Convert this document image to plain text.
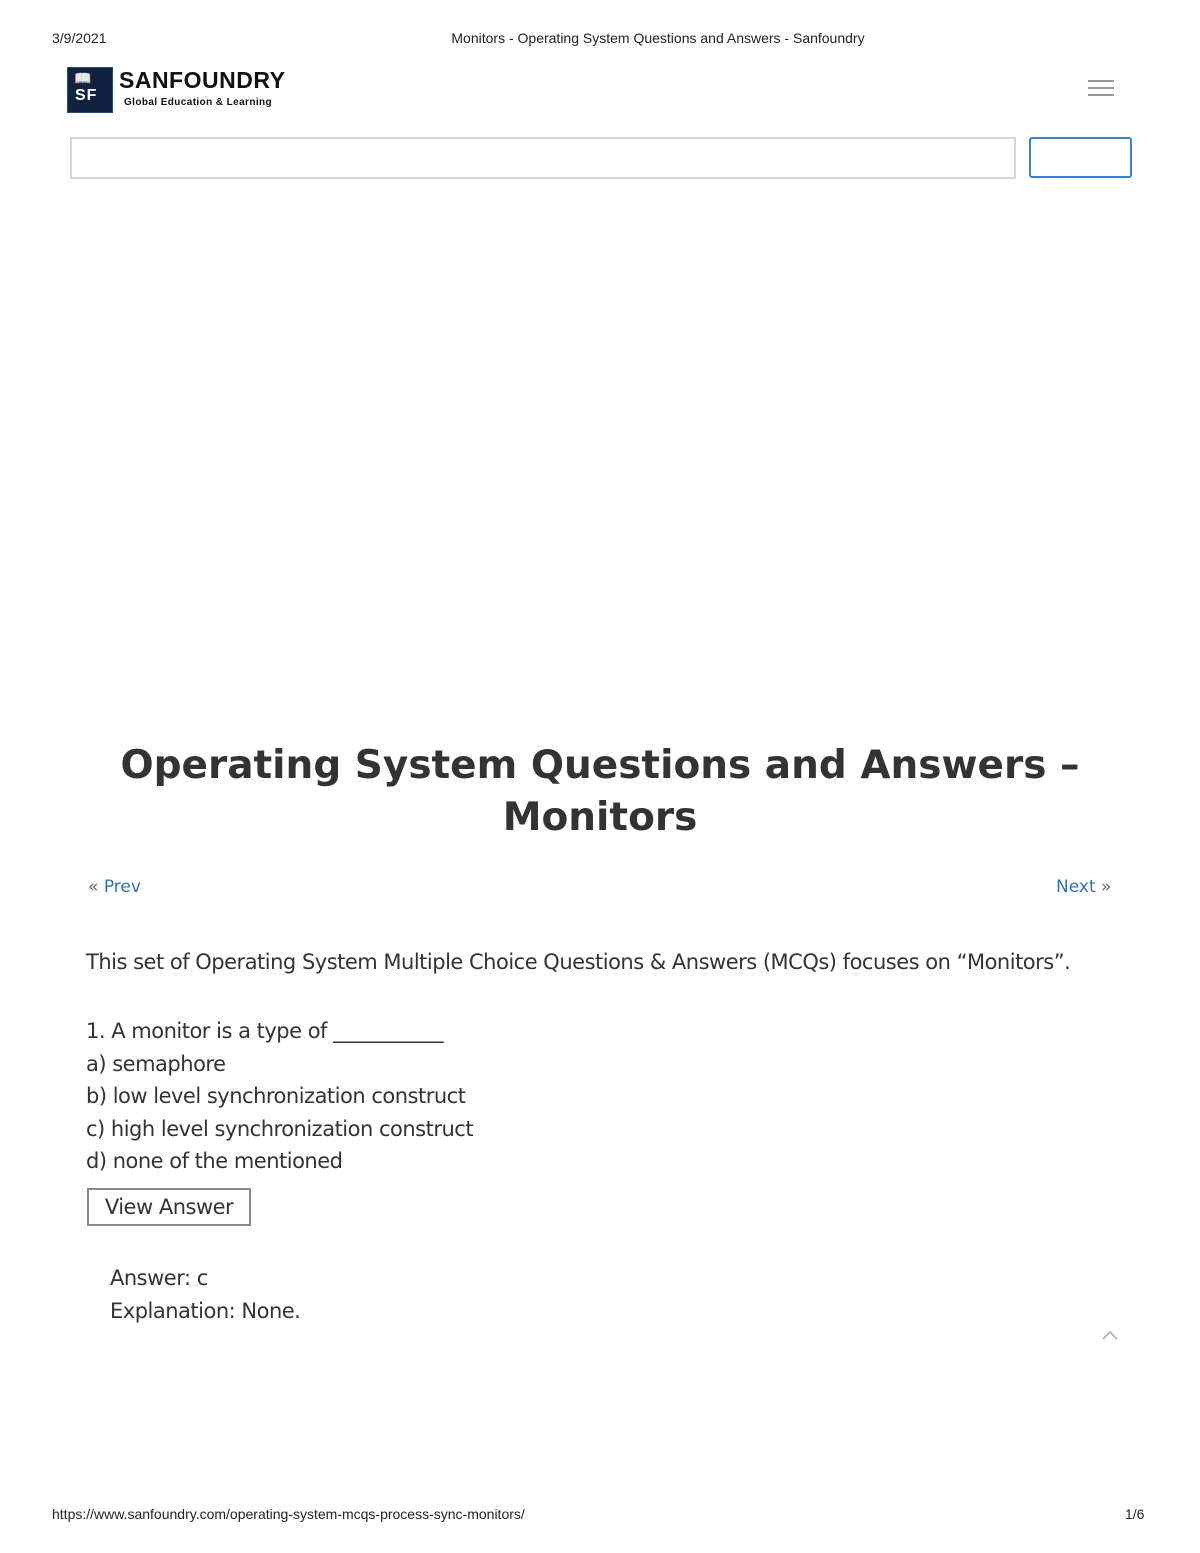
3/9/2021	Monitors - Operating System Questions and Answers - Sanfoundry
📖
SF
SANFOUNDRY
Global Education & Learning
Operating System Questions and Answers – Monitors
« Prev	Next »

This set of Operating System Multiple Choice Questions & Answers (MCQs) focuses on “Monitors”.

1. A monitor is a type of ___________
a) semaphore
b) low level synchronization construct
c) high level synchronization construct
d) none of the mentioned
View Answer
Answer: c
Explanation: None.
https://www.sanfoundry.com/operating-system-mcqs-process-sync-monitors/	1/6
